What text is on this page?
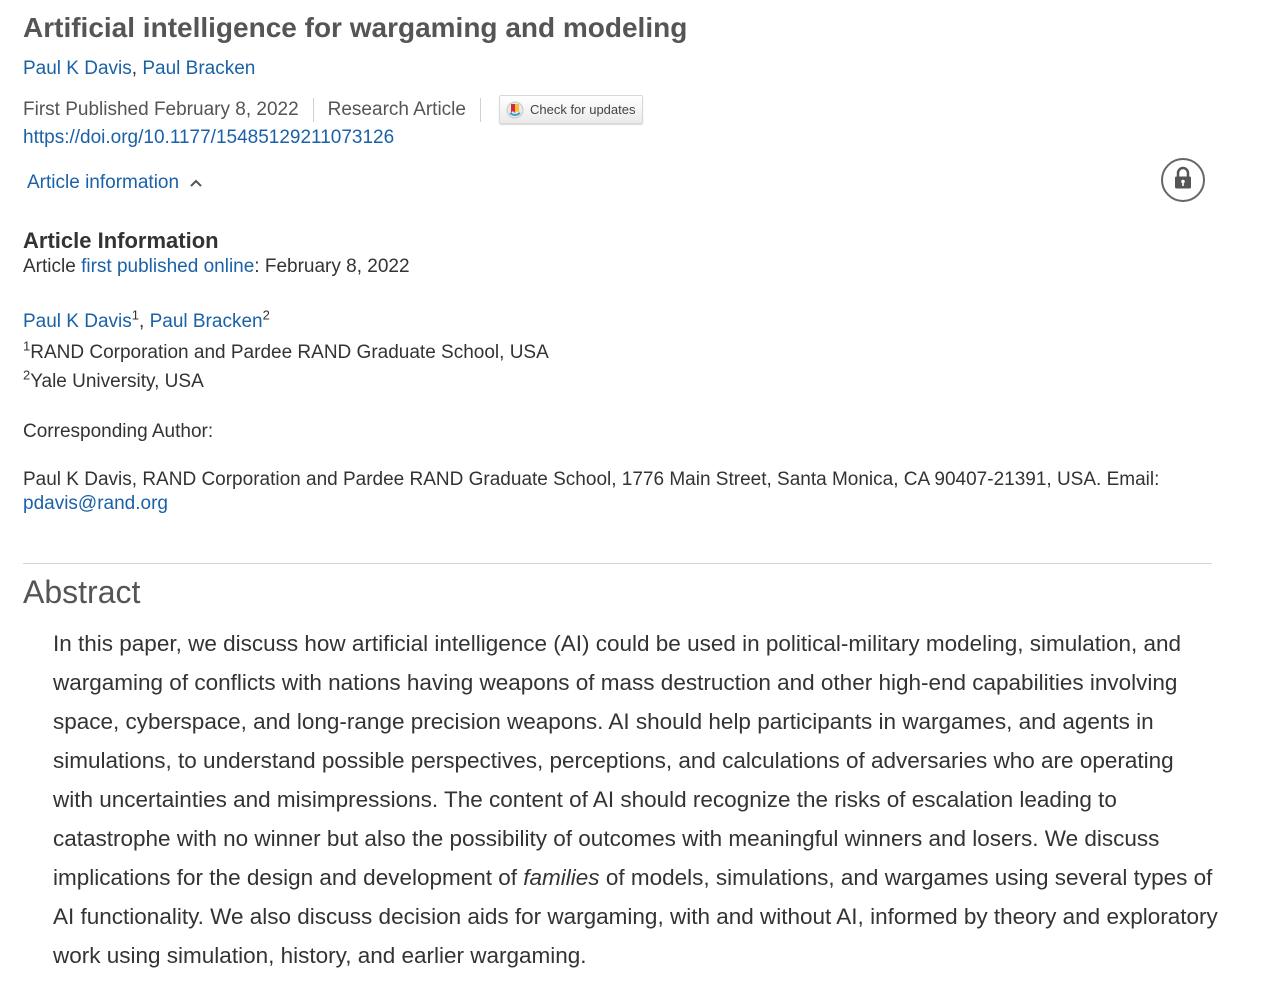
Artificial intelligence for wargaming and modeling
Paul K Davis, Paul Bracken
First Published February 8, 2022 Research Article	Check for updates
https://doi.org/10.1177/15485129211073126
Article information
Article Information
Article first published online: February 8, 2022
Paul K Davis$^1$, Paul Bracken$^2$
$^1$RAND Corporation and Pardee RAND Graduate School, USA
$^2$Yale University, USA
Corresponding Author:
Paul K Davis, RAND Corporation and Pardee RAND Graduate School, 1776 Main Street, Santa Monica, CA 90407-21391, USA. Email: pdavis@rand.org
Abstract
In this paper, we discuss how artificial intelligence (AI) could be used in political-military modeling, simulation, and wargaming of conflicts with nations having weapons of mass destruction and other high-end capabilities involving space, cyberspace, and long-range precision weapons. AI should help participants in wargames, and agents in simulations, to understand possible perspectives, perceptions, and calculations of adversaries who are operating with uncertainties and misimpressions. The content of AI should recognize the risks of escalation leading to catastrophe with no winner but also the possibility of outcomes with meaningful winners and losers. We discuss implications for the design and development of families of models, simulations, and wargames using several types of AI functionality. We also discuss decision aids for wargaming, with and without AI, informed by theory and exploratory work using simulation, history, and earlier wargaming.
